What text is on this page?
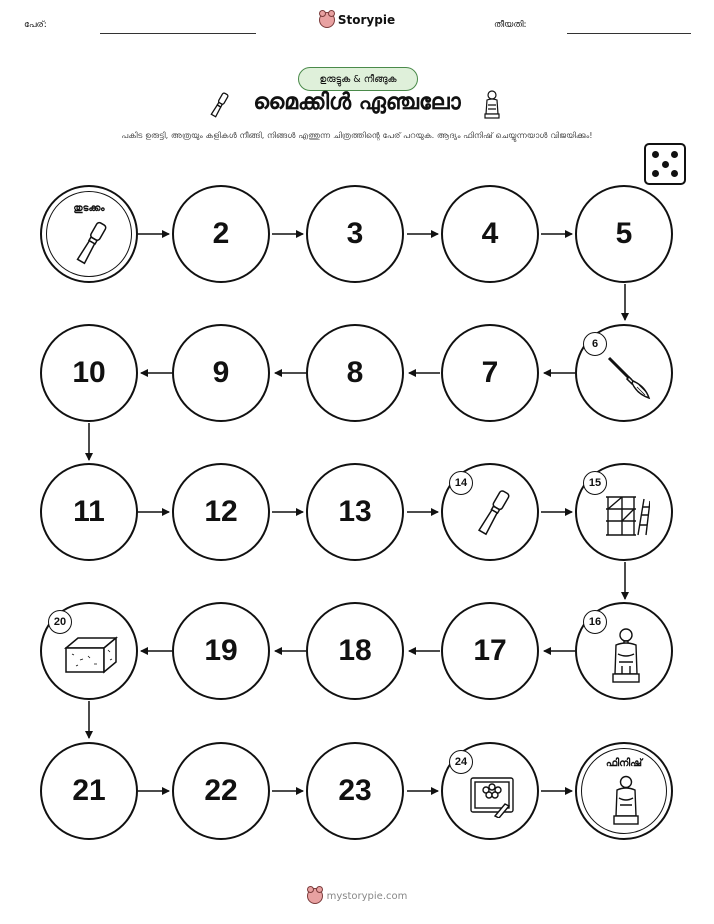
പേര്:	Storypie	തീയതി:
ഉരുട്ടുക & നീങ്ങുക
മൈക്കിൾ ഏഞ്ചലോ
പകിട ഉരുട്ടി, അത്രയും കളികൾ നീങ്ങി, നിങ്ങൾ എത്തുന്ന ചിത്രത്തിന്റെ പേര് പറയുക. ആദ്യം ഫിനിഷ് ചെയ്യുന്നയാൾ വിജയിക്കും!
തുടക്കം
2	3	4	5
10	9	8	7
6
11	12	13
14	15
20
19	18	17
16
21	22	23
24	ഫിനിഷ്
mystorypie.com
